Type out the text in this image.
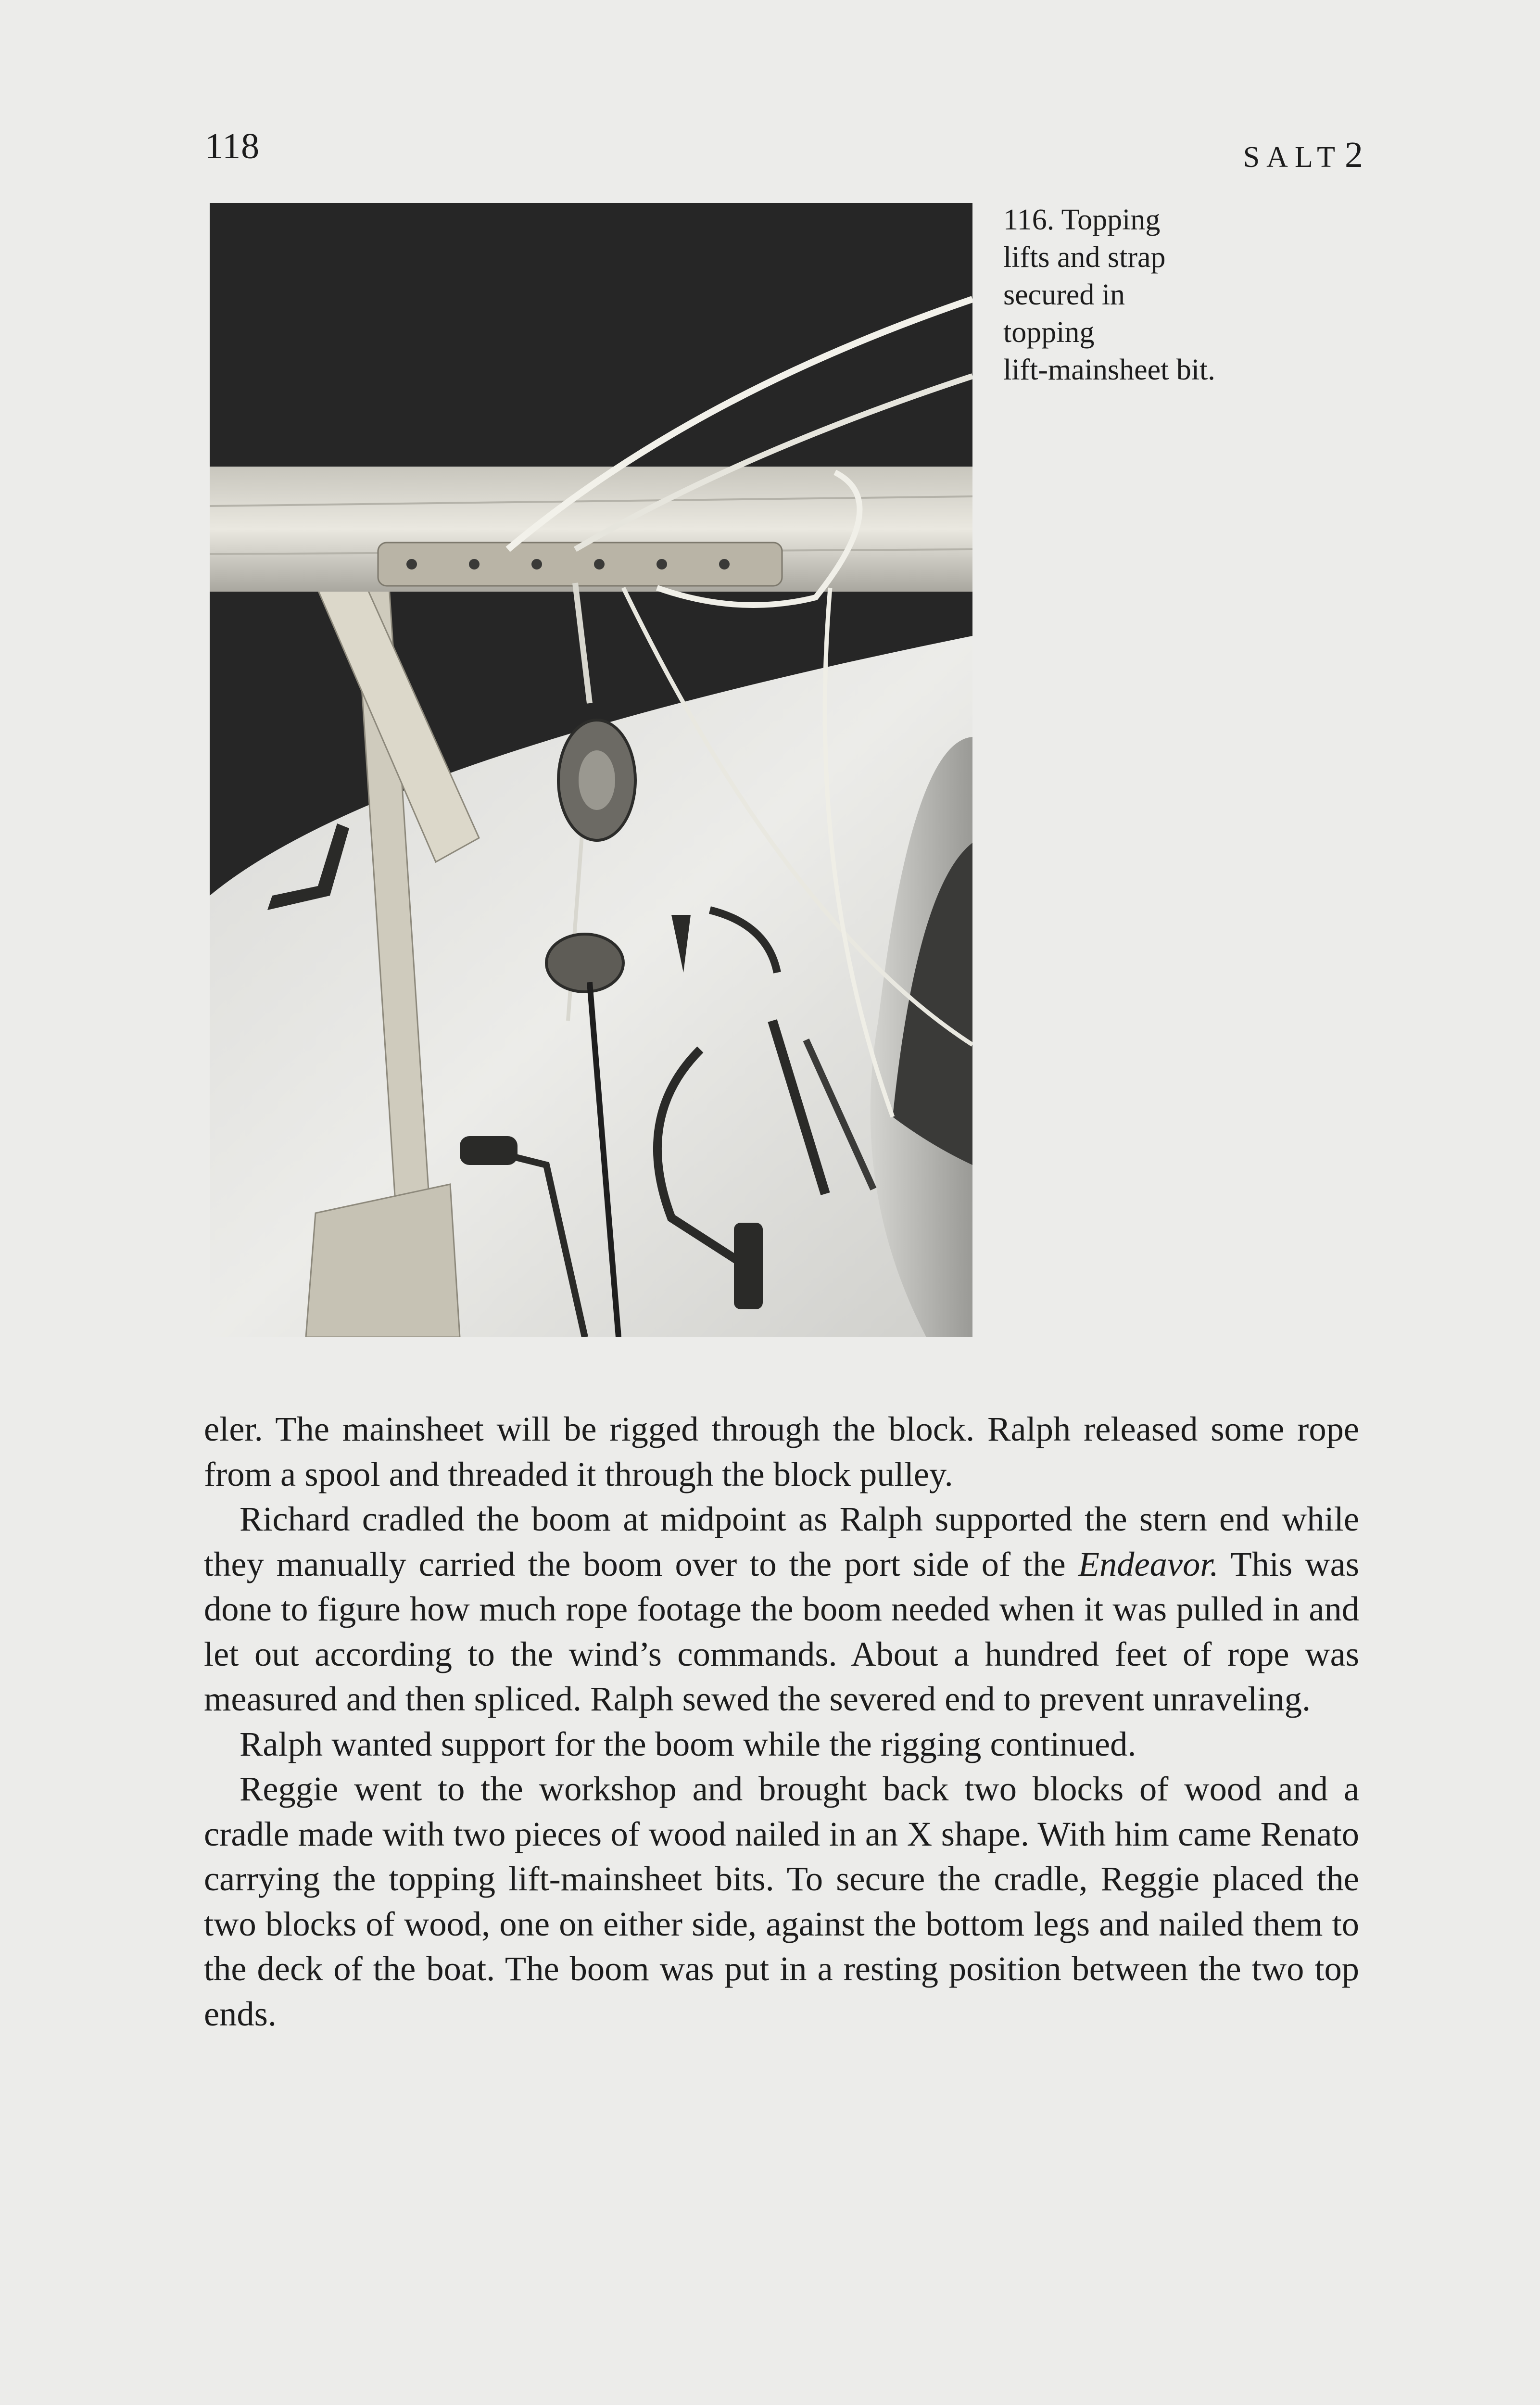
118	SALT2
116. Topping
lifts and strap
secured in
topping
lift-mainsheet bit.

eler. The mainsheet will be rigged through the block. Ralph released some rope from a spool and threaded it through the block pulley.

Richard cradled the boom at midpoint as Ralph supported the stern end while they manually carried the boom over to the port side of the Endeavor. This was done to figure how much rope footage the boom needed when it was pulled in and let out according to the wind’s commands. About a hundred feet of rope was measured and then spliced. Ralph sewed the severed end to prevent unraveling.

Ralph wanted support for the boom while the rigging continued.

Reggie went to the workshop and brought back two blocks of wood and a cradle made with two pieces of wood nailed in an X shape. With him came Renato carrying the topping lift-mainsheet bits. To secure the cradle, Reggie placed the two blocks of wood, one on either side, against the bottom legs and nailed them to the deck of the boat. The boom was put in a resting position between the two top ends.
